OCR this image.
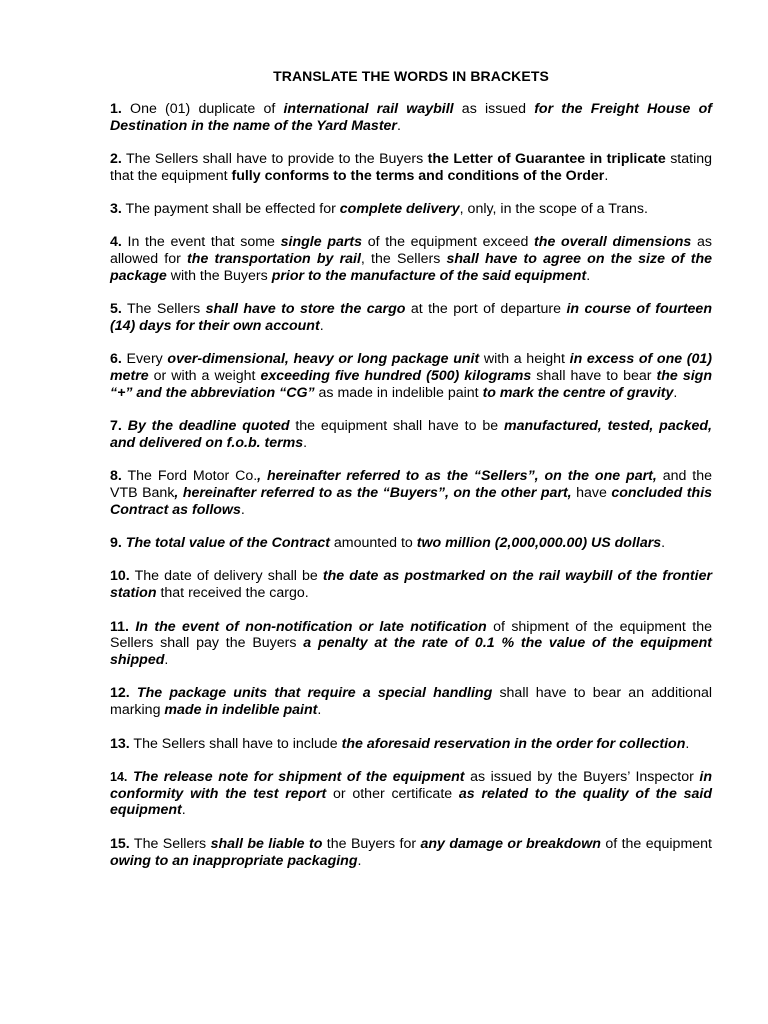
TRANSLATE THE WORDS IN BRACKETS
1. One (01) duplicate of international rail waybill as issued for the Freight House of Destination in the name of the Yard Master.
2. The Sellers shall have to provide to the Buyers the Letter of Guarantee in triplicate stating that the equipment fully conforms to the terms and conditions of the Order.
3. The payment shall be effected for complete delivery, only, in the scope of a Trans.
4. In the event that some single parts of the equipment exceed the overall dimensions as allowed for the transportation by rail, the Sellers shall have to agree on the size of the package with the Buyers prior to the manufacture of the said equipment.
5. The Sellers shall have to store the cargo at the port of departure in course of fourteen (14) days for their own account.
6. Every over-dimensional, heavy or long package unit with a height in excess of one (01) metre or with a weight exceeding five hundred (500) kilograms shall have to bear the sign “+” and the abbreviation “CG” as made in indelible paint to mark the centre of gravity.
7. By the deadline quoted the equipment shall have to be manufactured, tested, packed, and delivered on f.o.b. terms.
8. The Ford Motor Co., hereinafter referred to as the “Sellers”, on the one part, and the VTB Bank, hereinafter referred to as the “Buyers”, on the other part, have concluded this Contract as follows.
9. The total value of the Contract amounted to two million (2,000,000.00) US dollars.
10. The date of delivery shall be the date as postmarked on the rail waybill of the frontier station that received the cargo.
11. In the event of non-notification or late notification of shipment of the equipment the Sellers shall pay the Buyers a penalty at the rate of 0.1 % the value of the equipment shipped.
12. The package units that require a special handling shall have to bear an additional marking made in indelible paint.
13. The Sellers shall have to include the aforesaid reservation in the order for collection.
14. The release note for shipment of the equipment as issued by the Buyers’ Inspector in conformity with the test report or other certificate as related to the quality of the said equipment.
15. The Sellers shall be liable to the Buyers for any damage or breakdown of the equipment owing to an inappropriate packaging.
